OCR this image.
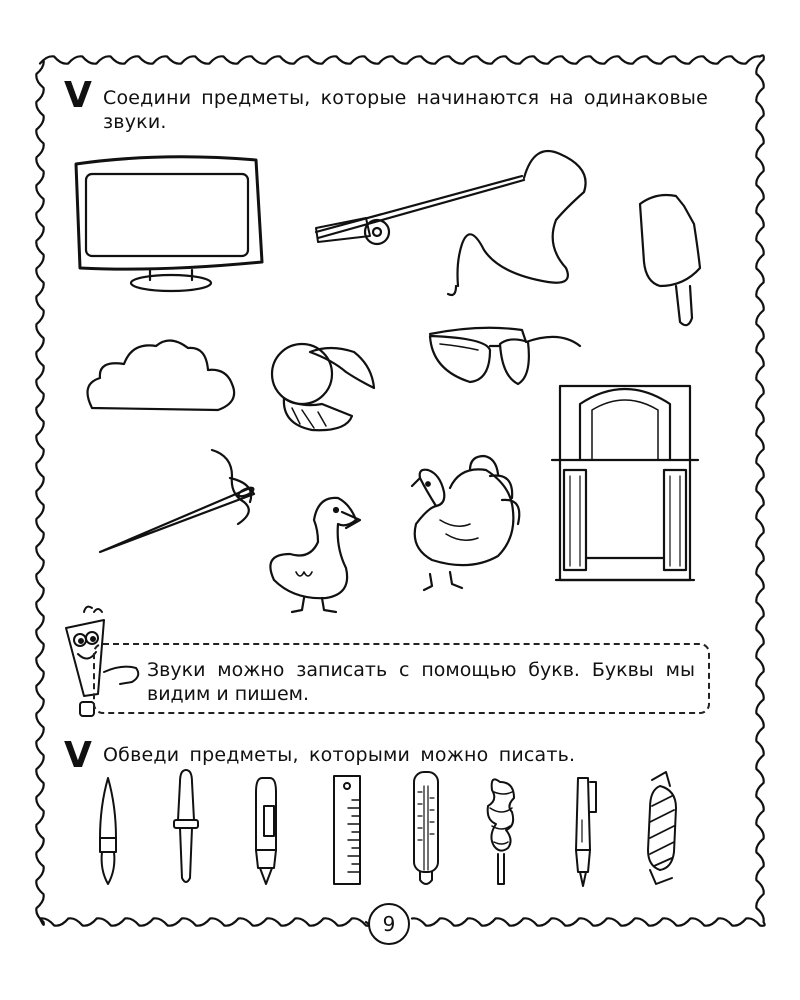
V Соедини предметы, которые начинаются на одинаковые звуки.
Звуки можно записать с помощью букв. Буквы мы видим и пишем.
V Обведи предметы, которыми можно писать.
9
